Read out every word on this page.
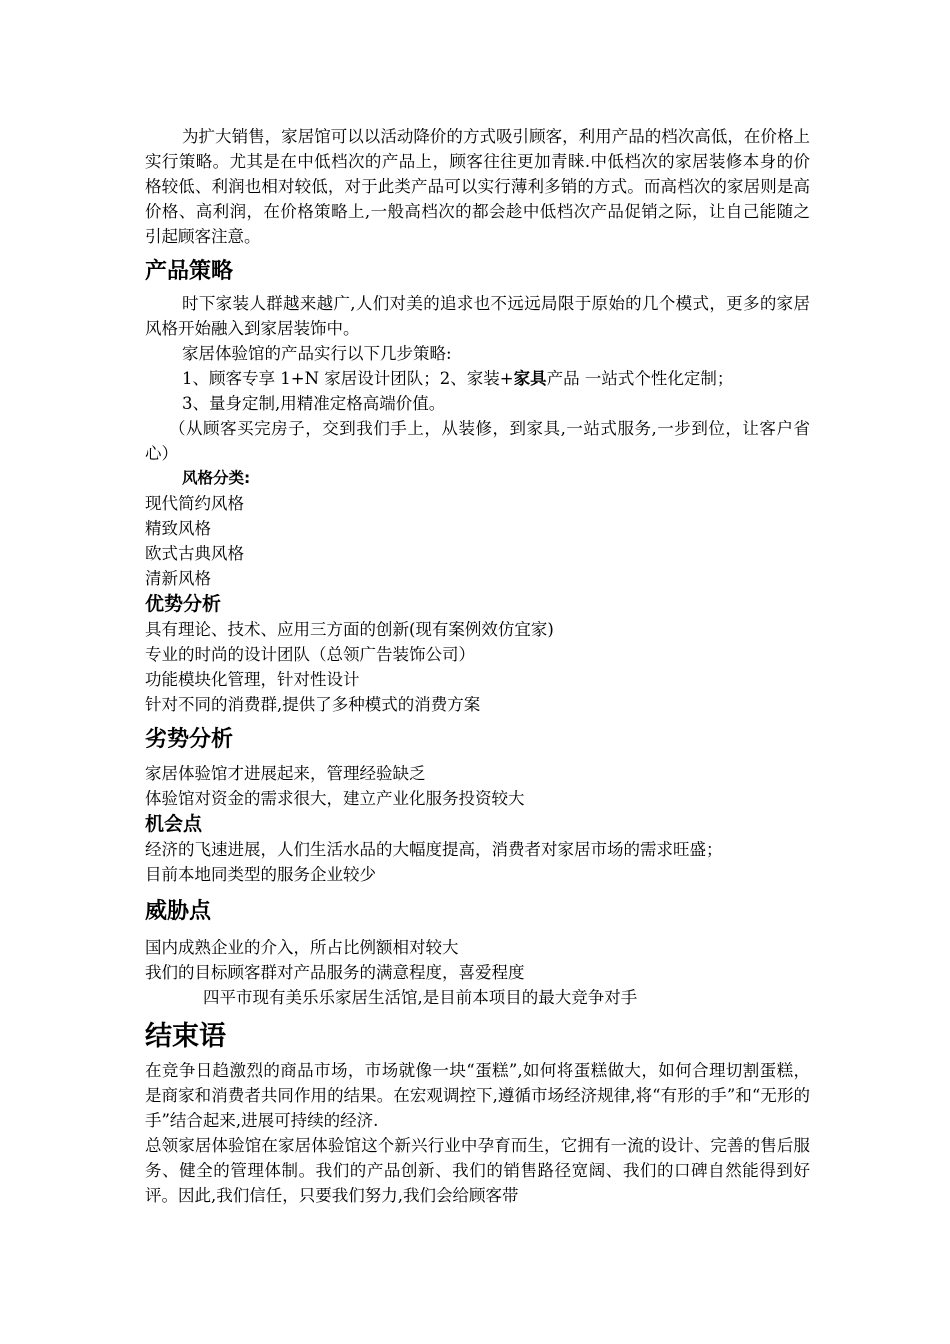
为扩大销售，家居馆可以以活动降价的方式吸引顾客，利用产品的档次高低，在价格上实行策略。尤其是在中低档次的产品上，顾客往往更加青睐.中低档次的家居装修本身的价格较低、利润也相对较低，对于此类产品可以实行薄利多销的方式。而高档次的家居则是高价格、高利润，在价格策略上,一般高档次的都会趁中低档次产品促销之际，让自己能随之引起顾客注意。

产品策略

时下家装人群越来越广,人们对美的追求也不远远局限于原始的几个模式，更多的家居风格开始融入到家居装饰中。

家居体验馆的产品实行以下几步策略:

1、顾客专享 1+N 家居设计团队；2、家装+家具产品 一站式个性化定制；

3、量身定制,用精准定格高端价值。

（从顾客买完房子，交到我们手上，从装修，到家具,一站式服务,一步到位，让客户省心）

风格分类:

现代简约风格

精致风格

欧式古典风格

清新风格

优势分析

具有理论、技术、应用三方面的创新(现有案例效仿宜家)

专业的时尚的设计团队（总领广告装饰公司）

功能模块化管理，针对性设计

针对不同的消费群,提供了多种模式的消费方案

劣势分析

家居体验馆才进展起来，管理经验缺乏

体验馆对资金的需求很大，建立产业化服务投资较大

机会点

经济的飞速进展，人们生活水品的大幅度提高，消费者对家居市场的需求旺盛；

目前本地同类型的服务企业较少

威胁点

国内成熟企业的介入，所占比例额相对较大

我们的目标顾客群对产品服务的满意程度，喜爱程度

四平市现有美乐乐家居生活馆,是目前本项目的最大竞争对手

结束语

在竞争日趋激烈的商品市场，市场就像一块“蛋糕”,如何将蛋糕做大，如何合理切割蛋糕，是商家和消费者共同作用的结果。在宏观调控下,遵循市场经济规律,将“有形的手”和“无形的手”结合起来,进展可持续的经济.

总领家居体验馆在家居体验馆这个新兴行业中孕育而生，它拥有一流的设计、完善的售后服务、健全的管理体制。我们的产品创新、我们的销售路径宽阔、我们的口碑自然能得到好评。因此,我们信任，只要我们努力,我们会给顾客带
